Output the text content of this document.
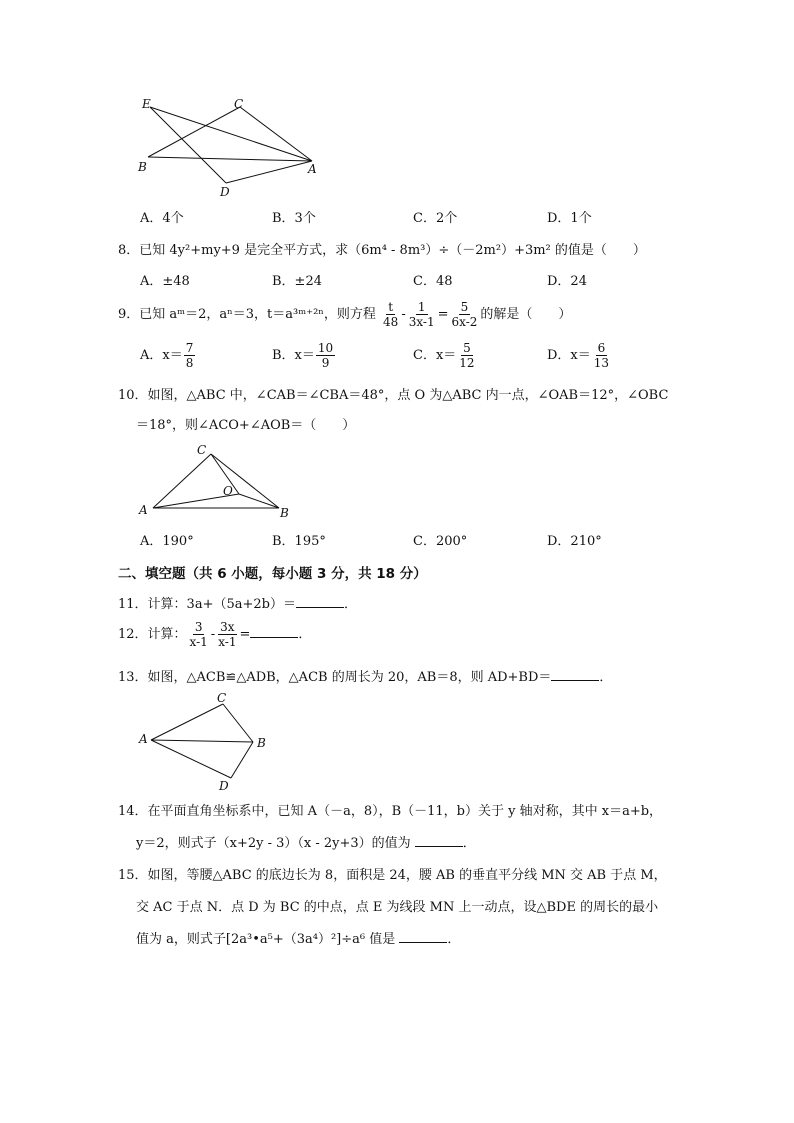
E	C
B	A
D
A．4个	B．3个	C．2个	D．1个
8．已知 4y²+my+9 是完全平方式，求（6m⁴ - 8m³）÷（－2m²）+3m² 的值是（　　）
A．±48	B．±24	C．48	D．24
9．已知 aᵐ＝2，aⁿ＝3，t＝a³ᵐ⁺²ⁿ，则方程 $\frac{t}{48} - \frac{1}{3x-1} = \frac{5}{6x-2}$ 的解是（　　）
A．$x= \frac{7}{8}$	B．$x= \frac{10}{9}$	C．$x= \frac{5}{12}$	D．$x= \frac{6}{13}$
10．如图，△ABC 中，∠CAB＝∠CBA＝48°，点 O 为△ABC 内一点，∠OAB＝12°，∠OBC
＝18°，则∠ACO+∠AOB＝（　　）
C
O
A	B
A．190°	B．195°	C．200°	D．210°
二、填空题（共 6 小题，每小题 3 分，共 18 分）
11．计算：3a+（5a+2b）＝	．
12．计算： $\frac{3}{x-1} - \frac{3x}{x-1}$ =	．
13．如图，△ACB≌△ADB，△ACB 的周长为 20，AB＝8，则 AD+BD＝	．
C
A	B
D
14．在平面直角坐标系中，已知 A（－a，8），B（－11，b）关于 y 轴对称，其中 x＝a+b，
y＝2，则式子（x+2y - 3）（x - 2y+3）的值为	．
15．如图，等腰△ABC 的底边长为 8，面积是 24，腰 AB 的垂直平分线 MN 交 AB 于点 M，
交 AC 于点 N．点 D 为 BC 的中点，点 E 为线段 MN 上一动点，设△BDE 的周长的最小
值为 a，则式子[2a³•a⁵+（3a⁴）²]÷a⁶ 值是	．
